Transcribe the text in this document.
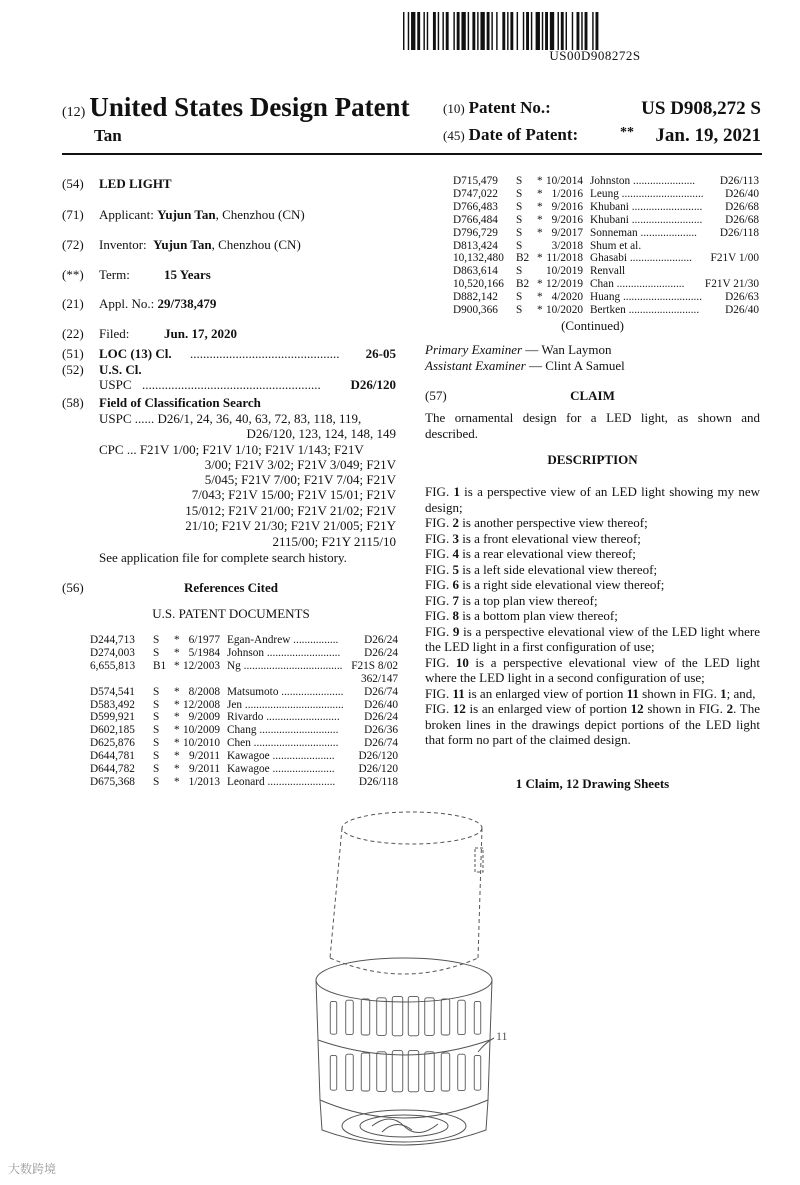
US00D908272S
(12) United States Design Patent
Tan
(10) Patent No.:	US D908,272 S
(45) Date of Patent:	** Jan. 19, 2021
(54) LED LIGHT
(71) Applicant: Yujun Tan, Chenzhou (CN)
(72) Inventor: Yujun Tan, Chenzhou (CN)
(**) Term:	15 Years
(21) Appl. No.: 29/738,479
(22) Filed:	Jun. 17, 2020
(51) LOC (13) Cl. .............................................. 26-05
(52) U.S. Cl.
USPC .......................................................	D26/120
(58) Field of Classification Search
USPC ...... D26/1, 24, 36, 40, 63, 72, 83, 118, 119,
D26/120, 123, 124, 148, 149
CPC ... F21V 1/00; F21V 1/10; F21V 1/143; F21V
3/00; F21V 3/02; F21V 3/049; F21V
5/045; F21V 7/00; F21V 7/04; F21V
7/043; F21V 15/00; F21V 15/01; F21V
15/012; F21V 21/00; F21V 21/02; F21V
21/10; F21V 21/30; F21V 21/005; F21Y
2115/00; F21Y 2115/10
See application file for complete search history.
(56)	References Cited
U.S. PATENT DOCUMENTS
D244,713 S * 6/1977 Egan-Andrew ................	D26/24
D274,003 S * 5/1984 Johnson ..........................	D26/24
6,655,813 B1 * 12/2003 Ng ................................... F21S 8/02
362/147
D574,541 S * 8/2008 Matsumoto ......................	D26/74
D583,492 S * 12/2008 Jen ...................................	D26/40
D599,921 S * 9/2009 Rivardo ..........................	D26/24
D602,185 S * 10/2009 Chang ............................	D26/36
D625,876 S * 10/2010 Chen ..............................	D26/74
D644,781 S * 9/2011 Kawagoe ......................	D26/120
D644,782 S * 9/2011 Kawagoe ......................	D26/120
D675,368 S * 1/2013 Leonard ........................	D26/118
D715,479 S * 10/2014 Johnston ......................	D26/113
D747,022 S * 1/2016 Leung .............................	D26/40
D766,483 S * 9/2016 Khubani .........................	D26/68
D766,484 S * 9/2016 Khubani .........................	D26/68
D796,729 S * 9/2017 Sonneman ....................	D26/118
D813,424 S	3/2018 Shum et al.
10,132,480 B2 * 11/2018 Ghasabi ......................	F21V 1/00
D863,614 S 10/2019 Renvall
10,520,166 B2 * 12/2019 Chan ........................	F21V 21/30
D882,142 S * 4/2020 Huang ............................	D26/63
D900,366 S * 10/2020 Bertken .........................	D26/40
(Continued)
Primary Examiner — Wan Laymon
Assistant Examiner — Clint A Samuel
(57)	CLAIM
The ornamental design for a LED light, as shown and described.
DESCRIPTION
FIG. 1 is a perspective view of an LED light showing my new design;
FIG. 2 is another perspective view thereof;
FIG. 3 is a front elevational view thereof;
FIG. 4 is a rear elevational view thereof;
FIG. 5 is a left side elevational view thereof;
FIG. 6 is a right side elevational view thereof;
FIG. 7 is a top plan view thereof;
FIG. 8 is a bottom plan view thereof;
FIG. 9 is a perspective elevational view of the LED light where the LED light in a first configuration of use;
FIG. 10 is a perspective elevational view of the LED light where the LED light in a second configuration of use;
FIG. 11 is an enlarged view of portion 11 shown in FIG. 1; and,
FIG. 12 is an enlarged view of portion 12 shown in FIG. 2. The broken lines in the drawings depict portions of the LED light that form no part of the claimed design.
1 Claim, 12 Drawing Sheets
11
大数跨境
